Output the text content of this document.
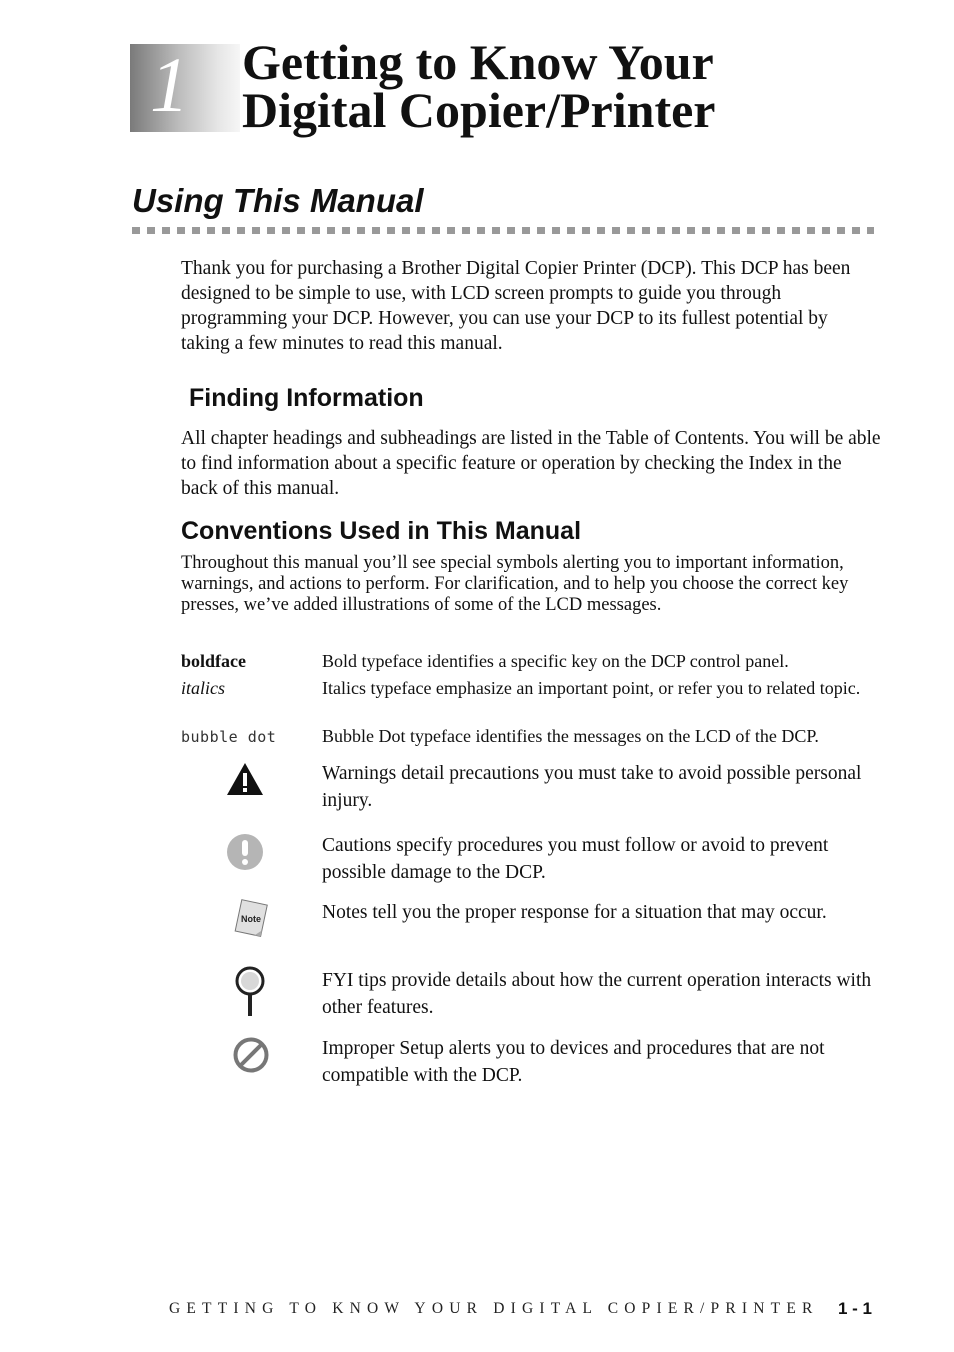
1 Getting to Know Your
Digital Copier/Printer
Using This Manual
Thank you for purchasing a Brother Digital Copier Printer (DCP). This DCP has been designed to be simple to use, with LCD screen prompts to guide you through programming your DCP. However, you can use your DCP to its fullest potential by taking a few minutes to read this manual.
Finding Information
All chapter headings and subheadings are listed in the Table of Contents. You will be able to find information about a specific feature or operation by checking the Index in the back of this manual.
Conventions Used in This Manual
Throughout this manual you’ll see special symbols alerting you to important information, warnings, and actions to perform. For clarification, and to help you choose the correct key presses, we’ve added illustrations of some of the LCD messages.
boldface	Bold typeface identifies a specific key on the DCP control panel.
italics	Italics typeface emphasize an important point, or refer you to related topic.
bubble dot	Bubble Dot typeface identifies the messages on the LCD of the DCP.
Warnings detail precautions you must take to avoid possible personal injury.
Cautions specify procedures you must follow or avoid to prevent possible damage to the DCP.
Note	Notes tell you the proper response for a situation that may occur.
FYI tips provide details about how the current operation interacts with other features.
Improper Setup alerts you to devices and procedures that are not compatible with the DCP.
GETTING TO KNOW YOUR DIGITAL COPIER/PRINTER 1 - 1
